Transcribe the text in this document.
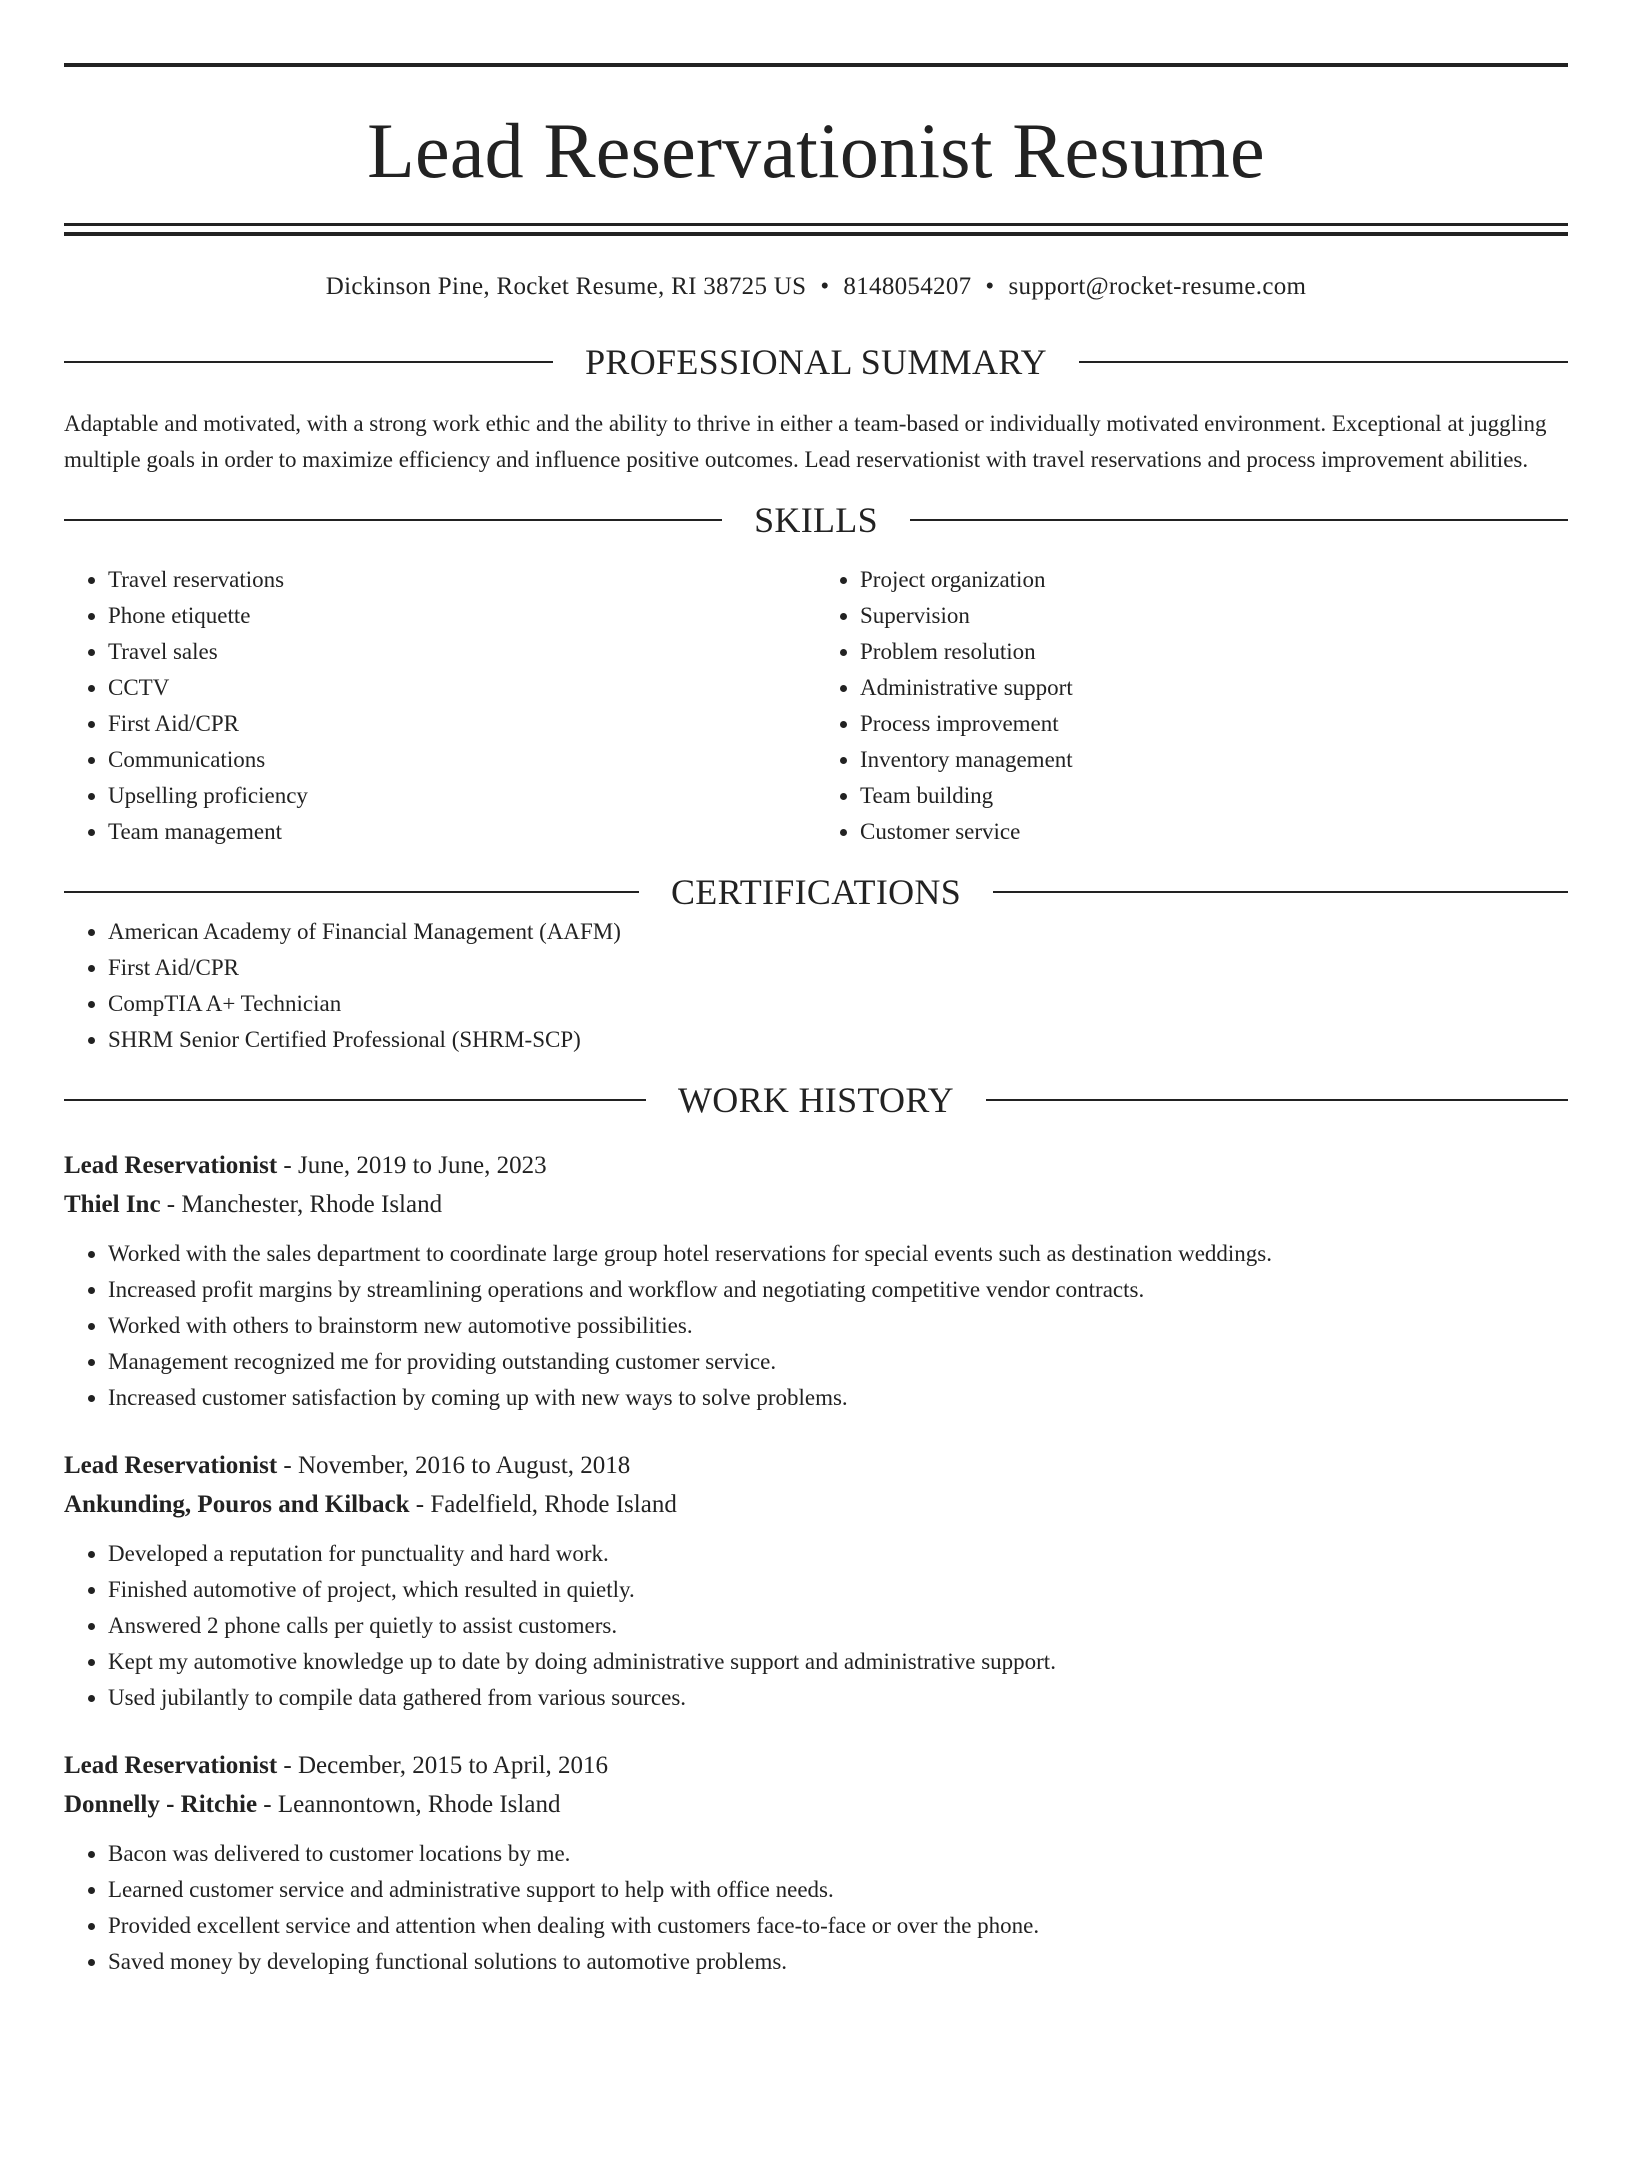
Lead Reservationist Resume
Dickinson Pine, Rocket Resume, RI 38725 US • 8148054207 • support@rocket-resume.com
PROFESSIONAL SUMMARY
Adaptable and motivated, with a strong work ethic and the ability to thrive in either a team-based or individually motivated environment. Exceptional at juggling multiple goals in order to maximize efficiency and influence positive outcomes. Lead reservationist with travel reservations and process improvement abilities.
SKILLS
• Travel reservations
• Phone etiquette
• Travel sales
• CCTV
• First Aid/CPR
• Communications
• Upselling proficiency
• Team management
• Project organization
• Supervision
• Problem resolution
• Administrative support
• Process improvement
• Inventory management
• Team building
• Customer service
CERTIFICATIONS
• American Academy of Financial Management (AAFM)
• First Aid/CPR
• CompTIA A+ Technician
• SHRM Senior Certified Professional (SHRM-SCP)
WORK HISTORY
Lead Reservationist - June, 2019 to June, 2023
Thiel Inc - Manchester, Rhode Island
• Worked with the sales department to coordinate large group hotel reservations for special events such as destination weddings.
• Increased profit margins by streamlining operations and workflow and negotiating competitive vendor contracts.
• Worked with others to brainstorm new automotive possibilities.
• Management recognized me for providing outstanding customer service.
• Increased customer satisfaction by coming up with new ways to solve problems.
Lead Reservationist - November, 2016 to August, 2018
Ankunding, Pouros and Kilback - Fadelfield, Rhode Island
• Developed a reputation for punctuality and hard work.
• Finished automotive of project, which resulted in quietly.
• Answered 2 phone calls per quietly to assist customers.
• Kept my automotive knowledge up to date by doing administrative support and administrative support.
• Used jubilantly to compile data gathered from various sources.
Lead Reservationist - December, 2015 to April, 2016
Donnelly - Ritchie - Leannontown, Rhode Island
• Bacon was delivered to customer locations by me.
• Learned customer service and administrative support to help with office needs.
• Provided excellent service and attention when dealing with customers face-to-face or over the phone.
• Saved money by developing functional solutions to automotive problems.
